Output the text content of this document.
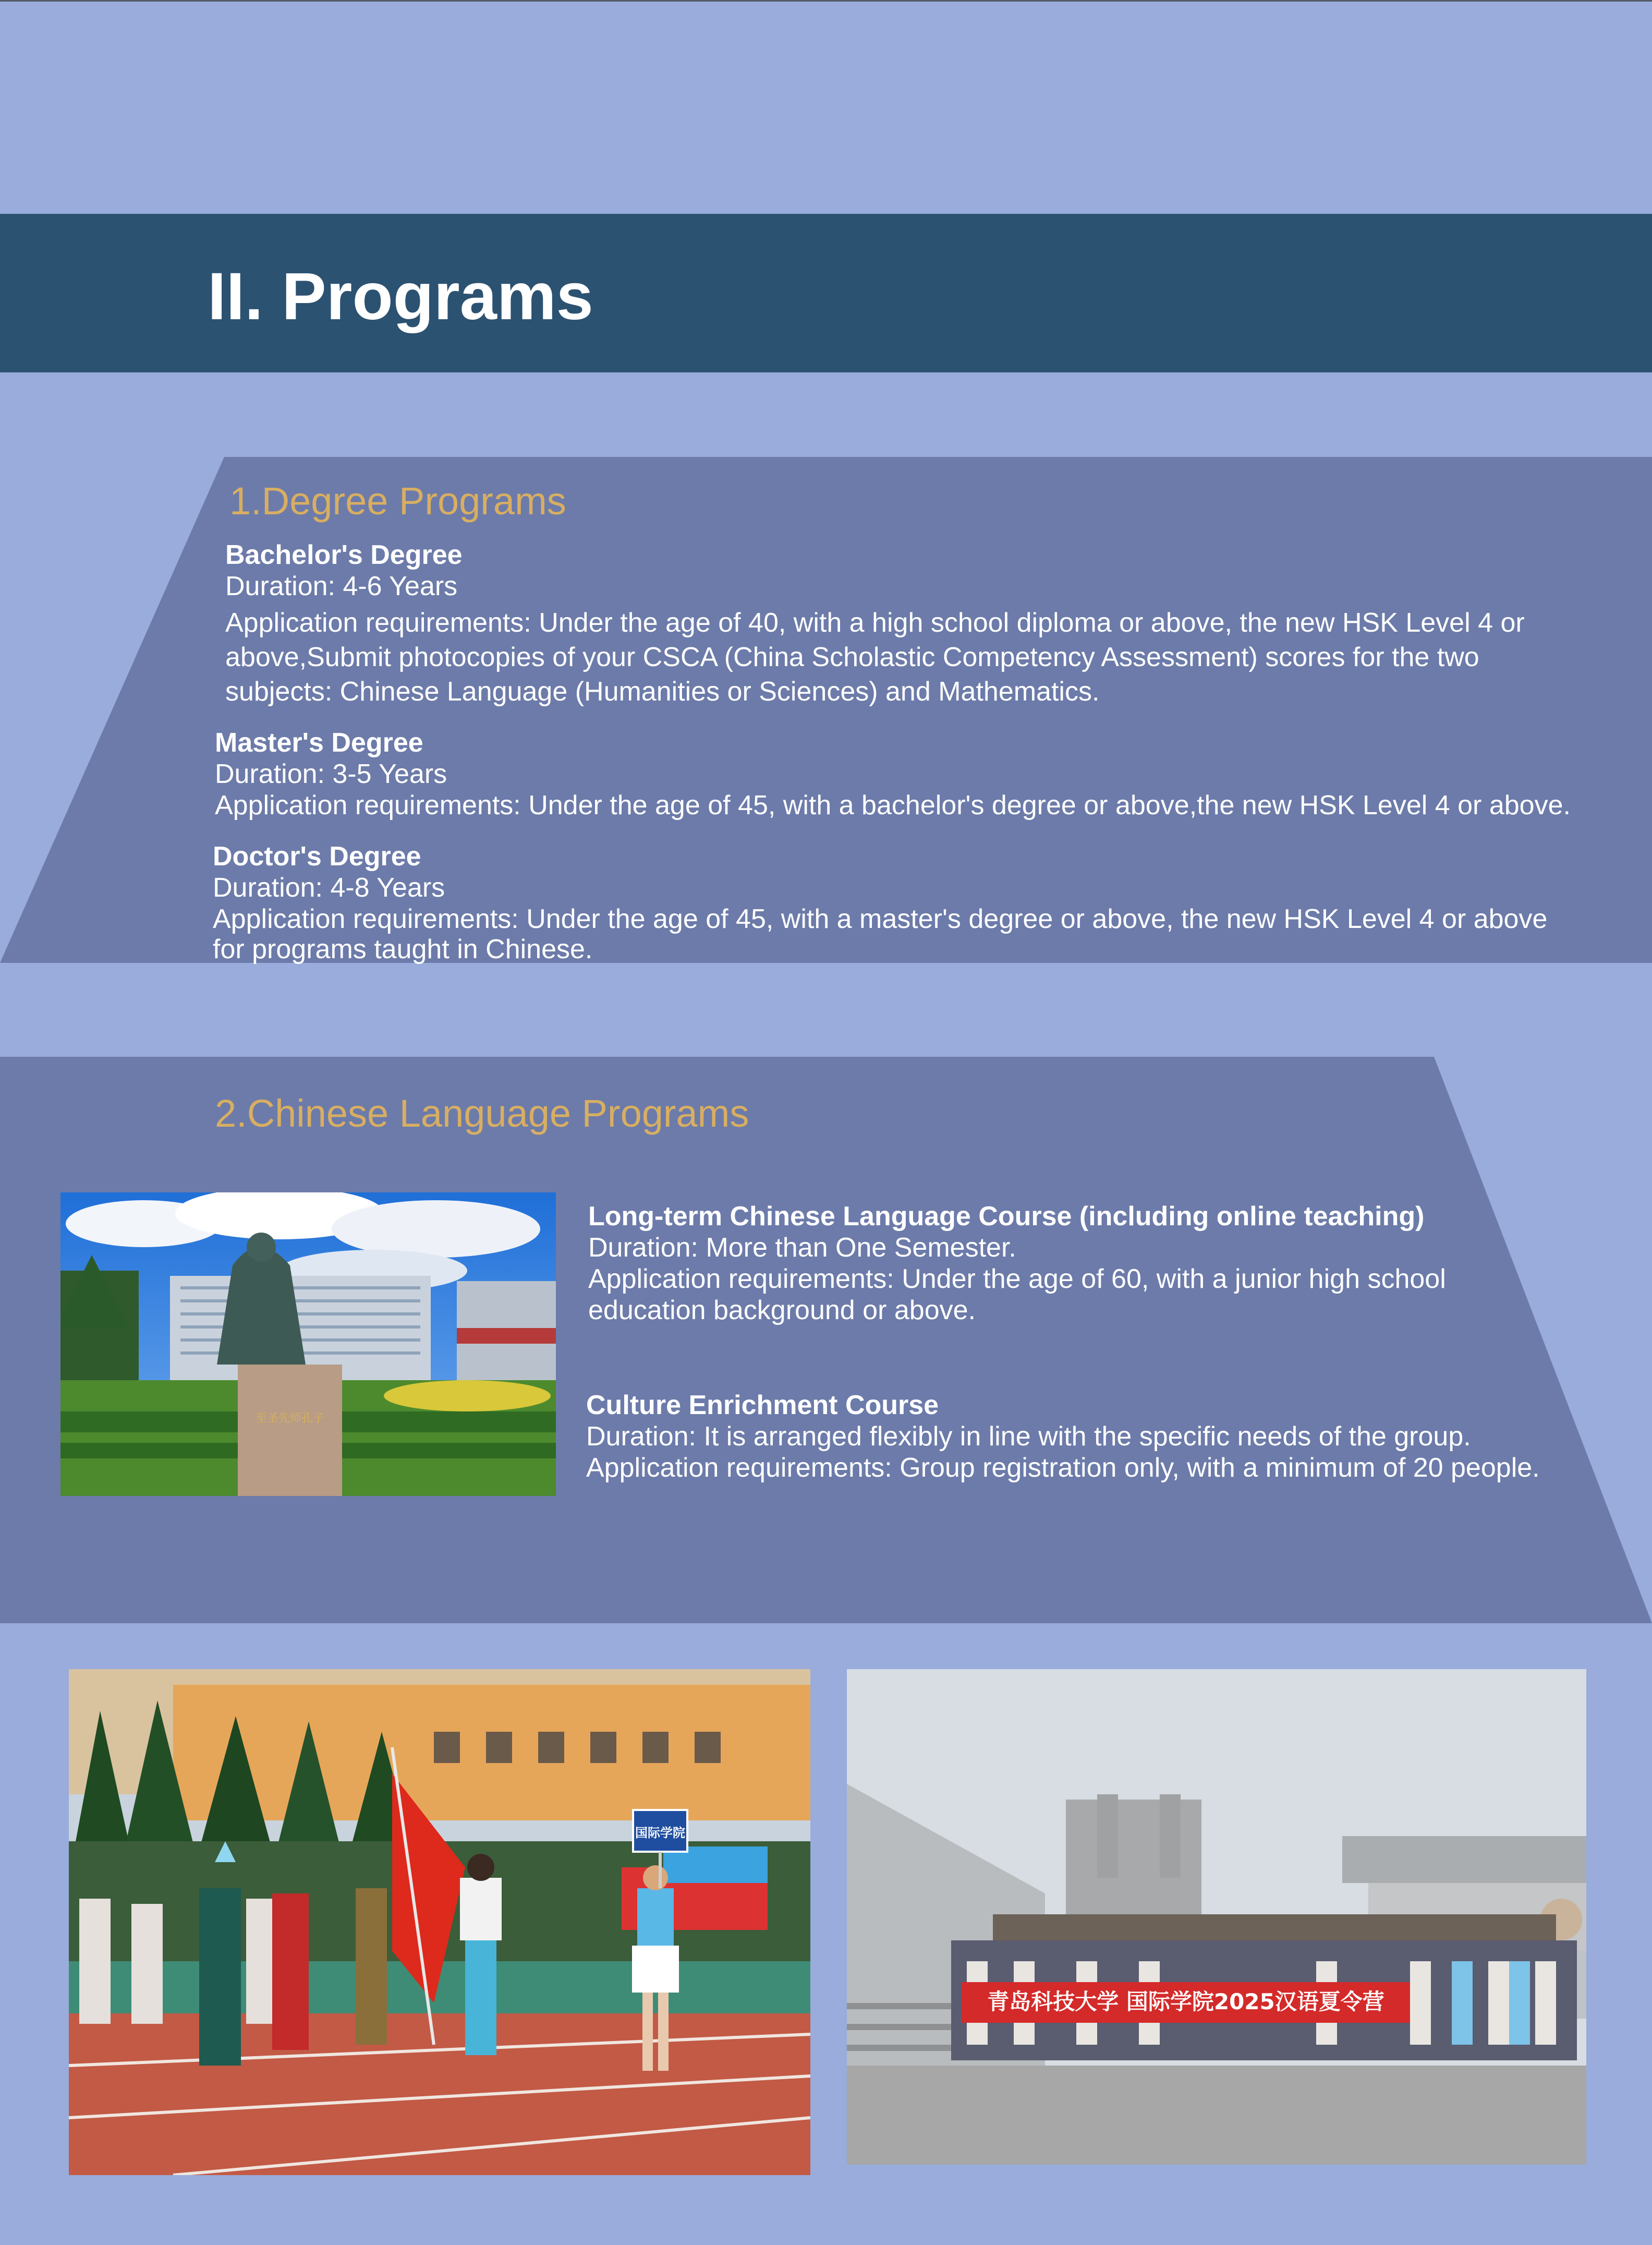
II. Programs
1.Degree Programs

Bachelor's Degree

Duration: 4-6 Years

Application requirements: Under the age of 40, with a high school diploma or above, the new HSK Level 4 or

above,Submit photocopies of your CSCA (China Scholastic Competency Assessment) scores for the two

subjects: Chinese Language (Humanities or Sciences) and Mathematics.

Master's Degree

Duration: 3-5 Years

Application requirements: Under the age of 45, with a bachelor's degree or above,the new HSK Level 4 or above.

Doctor's Degree

Duration: 4-8 Years

Application requirements: Under the age of 45, with a master's degree or above, the new HSK Level 4 or above

for programs taught in Chinese.

2.Chinese Language Programs
至圣先师孔子

Long-term Chinese Language Course (including online teaching)

Duration: More than One Semester.

Application requirements: Under the age of 60, with a junior high school

education background or above.

Culture Enrichment Course

Duration: It is arranged flexibly in line with the specific needs of the group.

Application requirements: Group registration only, with a minimum of 20 people.

国际学院
青岛科技大学 国际学院2025汉语夏令营
